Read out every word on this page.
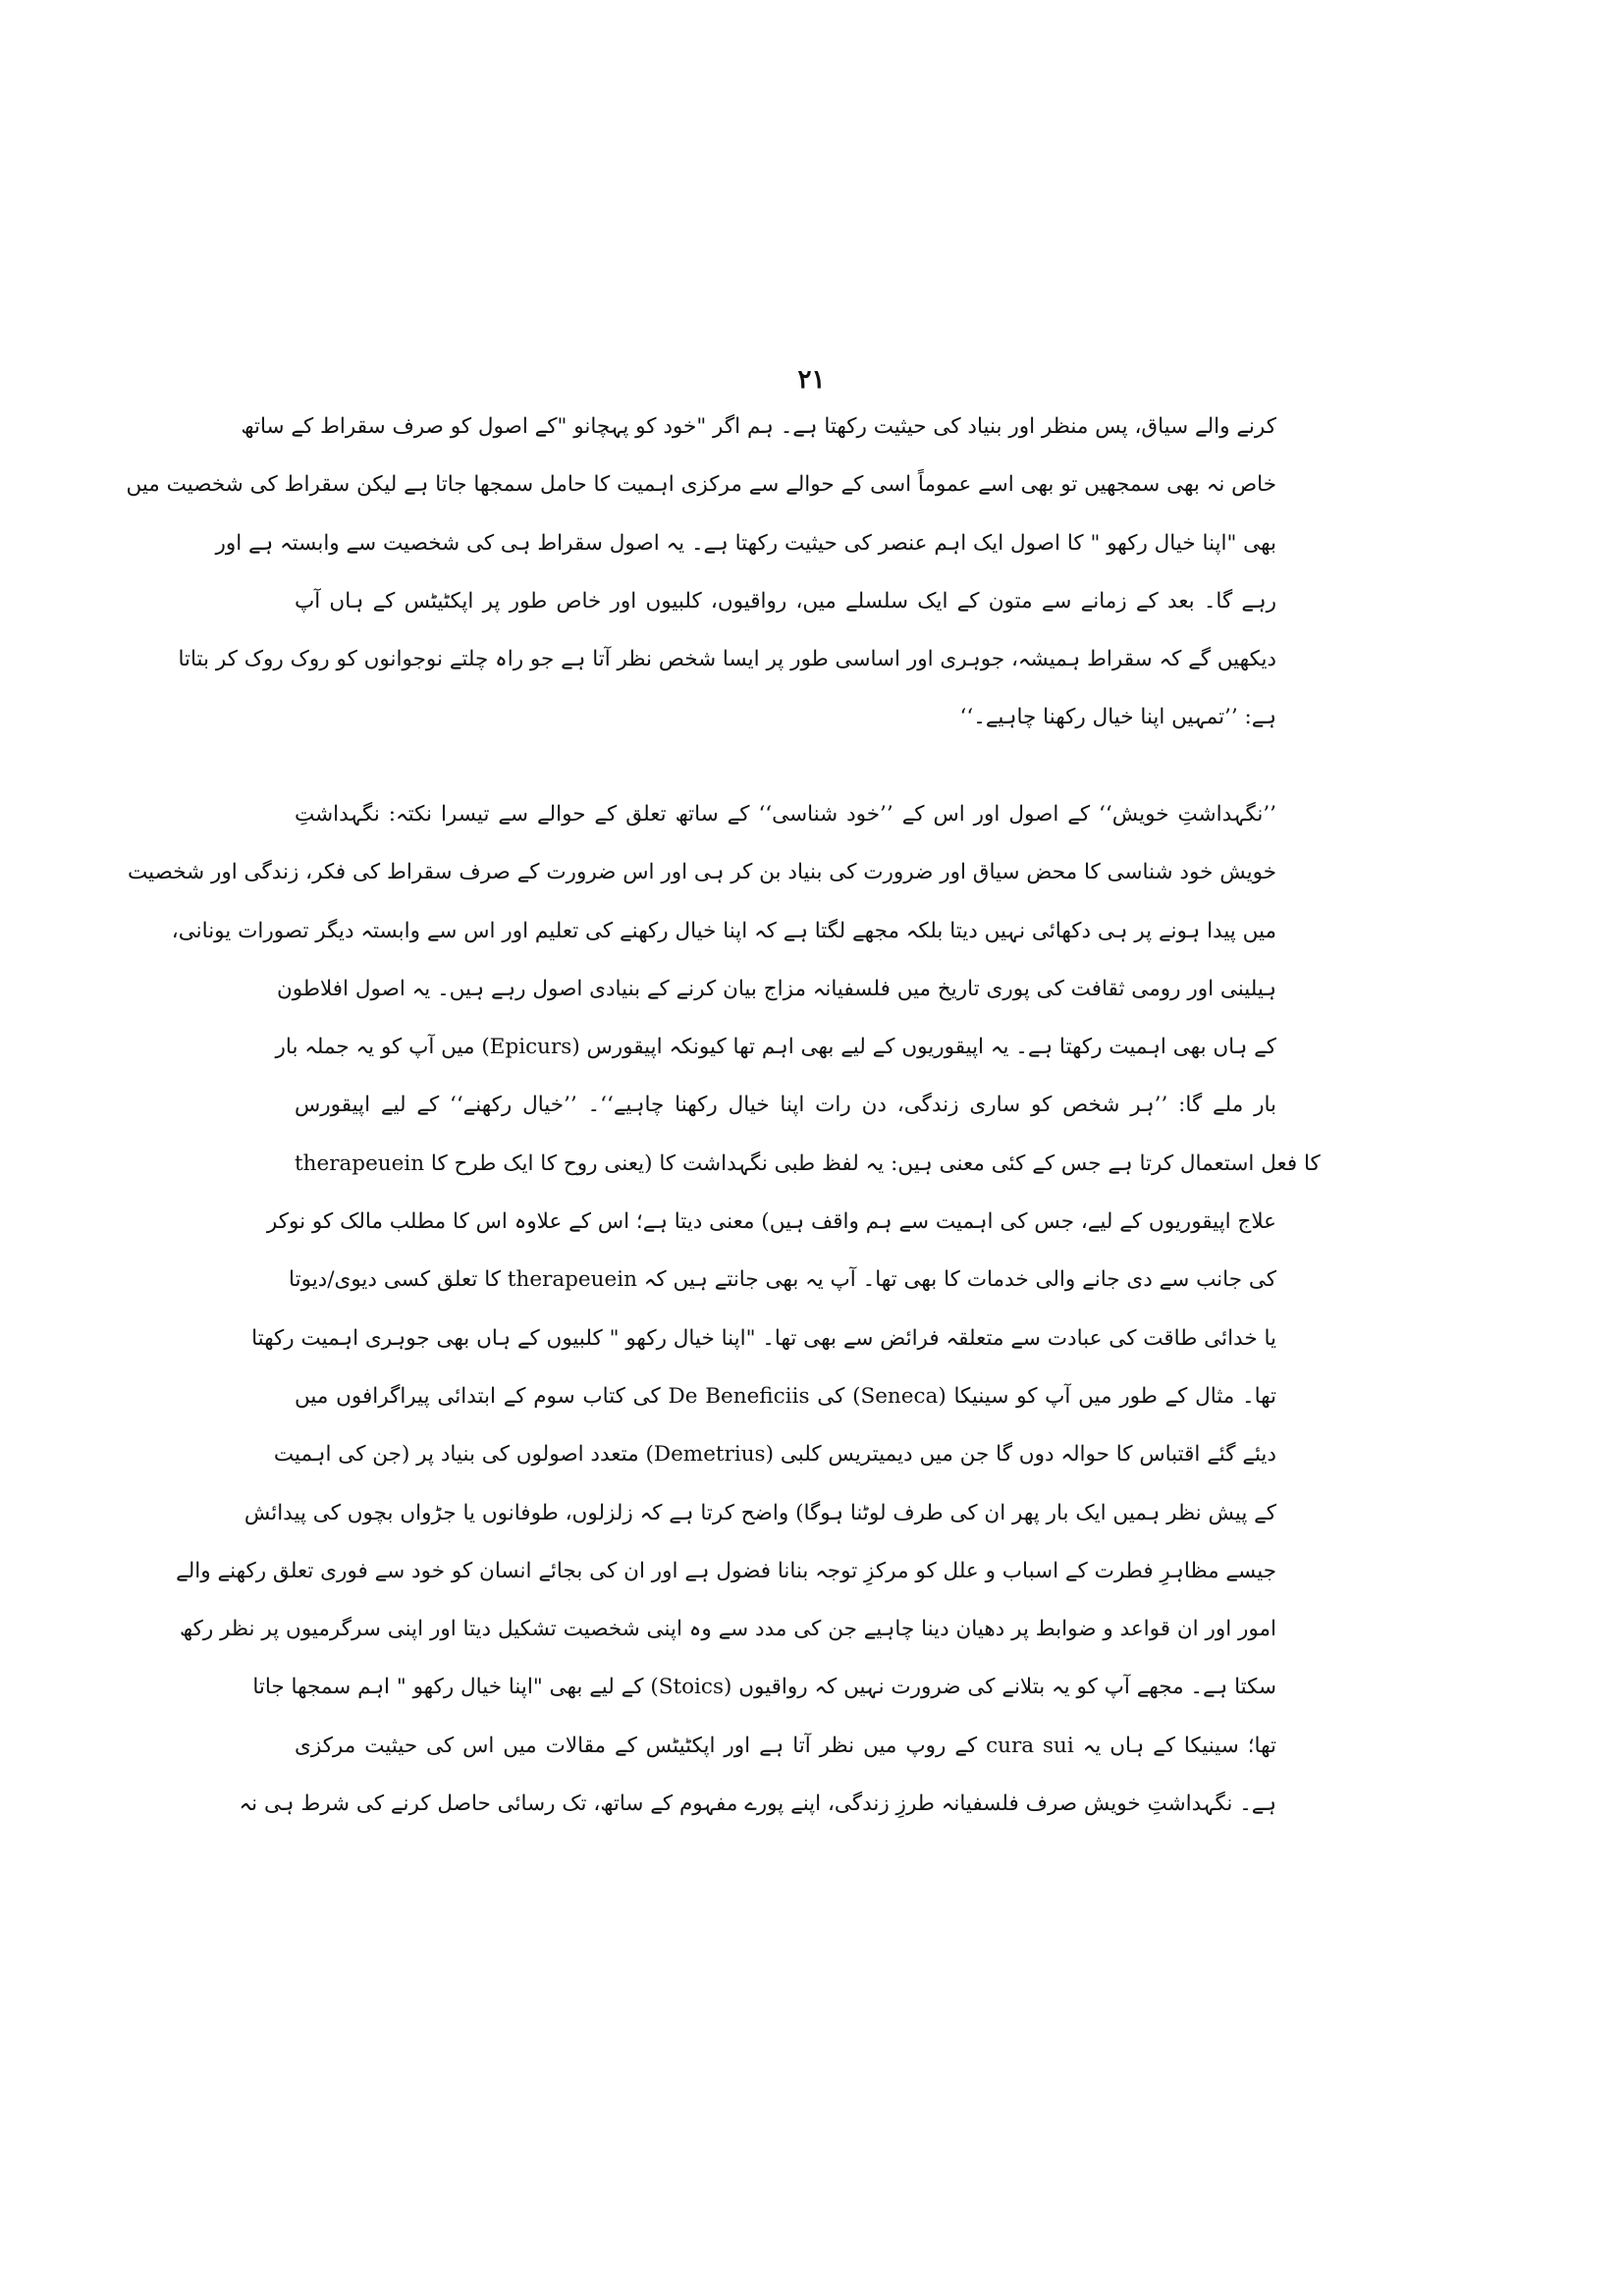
۲۱
کرنے والے سیاق، پس منظر اور بنیاد کی حیثیت رکھتا ہے۔ ہم اگر "خود کو پہچانو "کے اصول کو صرف سقراط کے ساتھ
خاص نہ بھی سمجھیں تو بھی اسے عموماً اسی کے حوالے سے مرکزی اہمیت کا حامل سمجھا جاتا ہے لیکن سقراط کی شخصیت میں
بھی "اپنا خیال رکھو " کا اصول ایک اہم عنصر کی حیثیت رکھتا ہے۔ یہ اصول سقراط ہی کی شخصیت سے وابستہ ہے اور
رہے گا۔ بعد کے زمانے سے متون کے ایک سلسلے میں، رواقیوں، کلبیوں اور خاص طور پر اپکٹیٹس کے ہاں آپ
دیکھیں گے کہ سقراط ہمیشہ، جوہری اور اساسی طور پر ایسا شخص نظر آتا ہے جو راہ چلتے نوجوانوں کو روک روک کر بتاتا
ہے: ’’تمہیں اپنا خیال رکھنا چاہیے۔‘‘
’’نگہداشتِ خویش‘‘ کے اصول اور اس کے ’’خود شناسی‘‘ کے ساتھ تعلق کے حوالے سے تیسرا نکتہ: نگہداشتِ
خویش خود شناسی کا محض سیاق اور ضرورت کی بنیاد بن کر ہی اور اس ضرورت کے صرف سقراط کی فکر، زندگی اور شخصیت
میں پیدا ہونے پر ہی دکھائی نہیں دیتا بلکہ مجھے لگتا ہے کہ اپنا خیال رکھنے کی تعلیم اور اس سے وابستہ دیگر تصورات یونانی،
ہیلینی اور رومی ثقافت کی پوری تاریخ میں فلسفیانہ مزاج بیان کرنے کے بنیادی اصول رہے ہیں۔ یہ اصول افلاطون
کے ہاں بھی اہمیت رکھتا ہے۔ یہ اپیقوریوں کے لیے بھی اہم تھا کیونکہ اپیقورس (Epicurs) میں آپ کو یہ جملہ بار
بار ملے گا: ’’ہر شخص کو ساری زندگی، دن رات اپنا خیال رکھنا چاہیے‘‘۔ ’’خیال رکھنے‘‘ کے لیے اپیقورس
therapeuein کا فعل استعمال کرتا ہے جس کے کئی معنی ہیں: یہ لفظ طبی نگہداشت کا (یعنی روح کا ایک طرح کا
علاج اپیقوریوں کے لیے، جس کی اہمیت سے ہم واقف ہیں) معنی دیتا ہے؛ اس کے علاوہ اس کا مطلب مالک کو نوکر
کی جانب سے دی جانے والی خدمات کا بھی تھا۔ آپ یہ بھی جانتے ہیں کہ therapeuein کا تعلق کسی دیوی/دیوتا
یا خدائی طاقت کی عبادت سے متعلقہ فرائض سے بھی تھا۔ "اپنا خیال رکھو " کلبیوں کے ہاں بھی جوہری اہمیت رکھتا
تھا۔ مثال کے طور میں آپ کو سینیکا (Seneca) کی De Beneficiis کی کتاب سوم کے ابتدائی پیراگرافوں میں
دیئے گئے اقتباس کا حوالہ دوں گا جن میں دیمیتریس کلبی (Demetrius) متعدد اصولوں کی بنیاد پر (جن کی اہمیت
کے پیش نظر ہمیں ایک بار پھر ان کی طرف لوٹنا ہوگا) واضح کرتا ہے کہ زلزلوں، طوفانوں یا جڑواں بچوں کی پیدائش
جیسے مظاہرِ فطرت کے اسباب و علل کو مرکزِ توجہ بنانا فضول ہے اور ان کی بجائے انسان کو خود سے فوری تعلق رکھنے والے
امور اور ان قواعد و ضوابط پر دھیان دینا چاہیے جن کی مدد سے وہ اپنی شخصیت تشکیل دیتا اور اپنی سرگرمیوں پر نظر رکھ
سکتا ہے۔ مجھے آپ کو یہ بتلانے کی ضرورت نہیں کہ رواقیوں (Stoics) کے لیے بھی "اپنا خیال رکھو " اہم سمجھا جاتا
تھا؛ سینیکا کے ہاں یہ cura sui کے روپ میں نظر آتا ہے اور اپکٹیٹس کے مقالات میں اس کی حیثیت مرکزی
ہے۔ نگہداشتِ خویش صرف فلسفیانہ طرزِ زندگی، اپنے پورے مفہوم کے ساتھ، تک رسائی حاصل کرنے کی شرط ہی نہ
